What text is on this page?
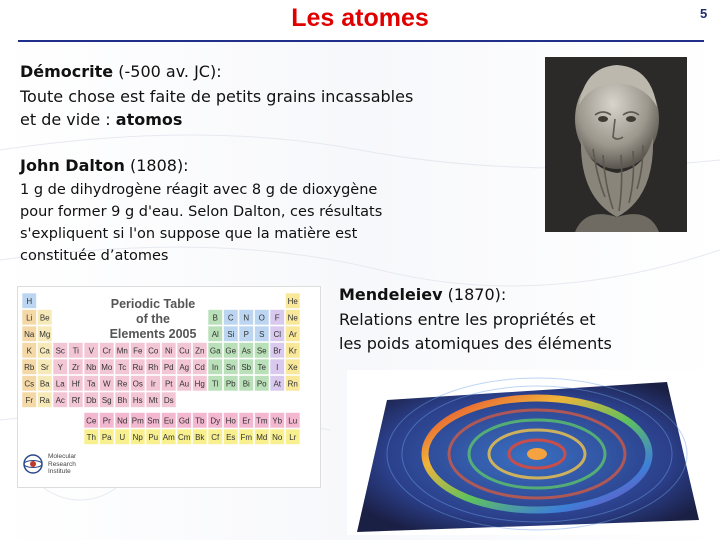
Les atomes	5
Démocrite (-500 av. JC):
Toute chose est faite de petits grains incassables
et de vide : atomos
John Dalton (1808):
1 g de dihydrogène réagit avec 8 g de dioxygène
pour former 9 g d'eau. Selon Dalton, ces résultats
s'expliquent si l'on suppose que la matière est
constituée d’atomes
Mendeleiev (1870):
Relations entre les propriétés et
les poids atomiques des éléments
Periodic Table
of the
Elements 2005
H	He
Li Be	B C N O F Ne
Na Mg	Al Si P S Cl Ar
K Ca Sc Ti V Cr Mn Fe Co Ni Cu Zn Ga Ge As Se Br Kr
Rb Sr Y Zr Nb Mo Tc Ru Rh Pd Ag Cd In Sn Sb Te I Xe
Cs Ba La Hf Ta W Re Os Ir Pt Au Hg Tl Pb Bi Po At Rn
Fr Ra Ac Rf Db Sg Bh Hs Mt Ds
Ce Pr Nd Pm Sm Eu Gd Tb Dy Ho Er Tm Yb Lu
Th Pa U Np Pu Am Cm Bk Cf Es Fm Md No Lr
Molecular
Research
Institute
